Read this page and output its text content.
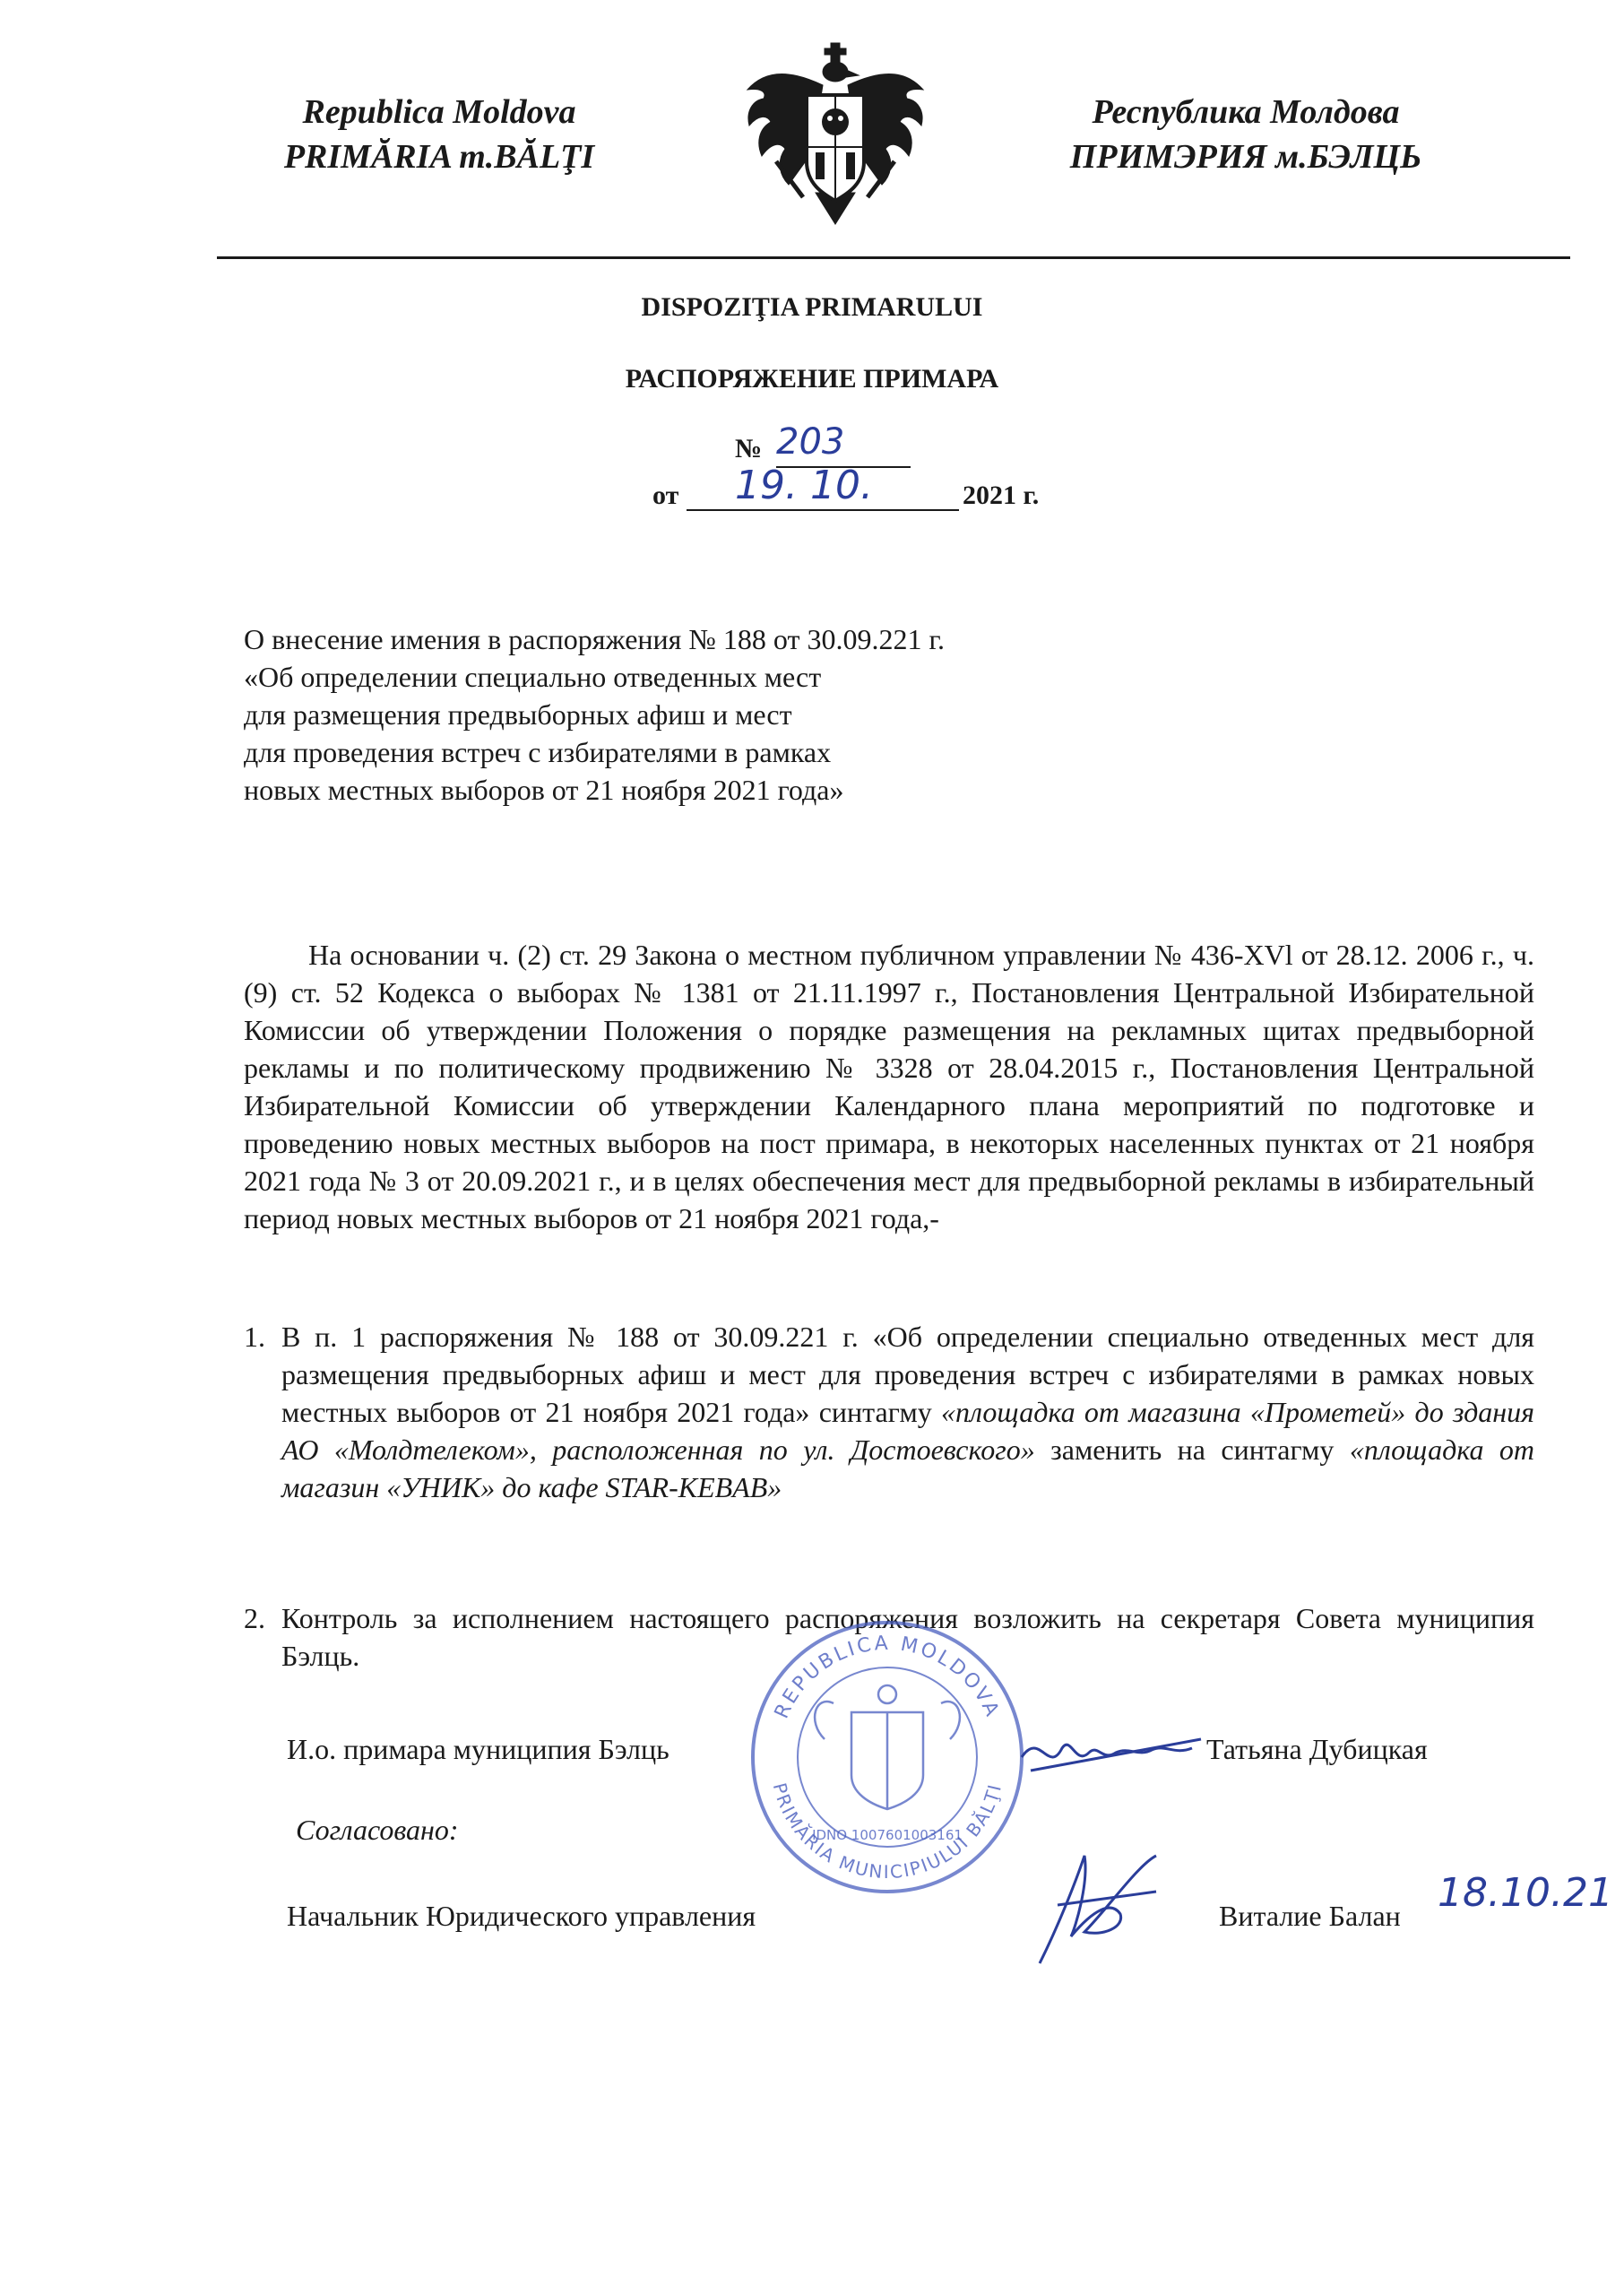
Republica Moldova
PRIMĂRIA m.BĂLŢI
Республика Молдова
ПРИМЭРИЯ м.БЭЛЦЬ
DISPOZIŢIA PRIMARULUI
РАСПОРЯЖЕНИЕ ПРИМАРА
№ 203
от 19. 10.	2021 г.
О внесение имения в распоряжения № 188 от 30.09.221 г.
«Об определении специально отведенных мест
для размещения предвыборных афиш и мест
для проведения встреч с избирателями в рамках
новых местных выборов от 21 ноября 2021 года»
На основании ч. (2) ст. 29 Закона о местном публичном управлении № 436-XVl от 28.12. 2006 г., ч. (9) ст. 52 Кодекса о выборах № 1381 от 21.11.1997 г., Постановления Центральной Избирательной Комиссии об утверждении Положения о порядке размещения на рекламных щитах предвыборной рекламы и по политическому продвижению № 3328 от 28.04.2015 г., Постановления Центральной Избирательной Комиссии об утверждении Календарного плана мероприятий по подготовке и проведению новых местных выборов на пост примара, в некоторых населенных пунктах от 21 ноября 2021 года № 3 от 20.09.2021 г., и в целях обеспечения мест для предвыборной рекламы в избирательный период новых местных выборов от 21 ноября 2021 года,-
1. В п. 1 распоряжения № 188 от 30.09.221 г. «Об определении специально отведенных мест для размещения предвыборных афиш и мест для проведения встреч с избирателями в рамках новых местных выборов от 21 ноября 2021 года» синтагму «площадка от магазина «Прометей» до здания АО «Молдтелеком», расположенная по ул. Достоевского» заменить на синтагму «площадка от магазин «УНИК» до кафе STAR-KEBAB»
2. Контроль за исполнением настоящего распоряжения возложить на секретаря Совета муниципия Бэлць.
REPUBLICA MOLDOVA
PRIMĂRIA MUNICIPIULUI BĂLŢI
IDNO 1007601003161
И.о. примара муниципия Бэлць	Татьяна Дубицкая
Согласовано:
Начальник Юридического управления	Виталие Балан 18.10.21
